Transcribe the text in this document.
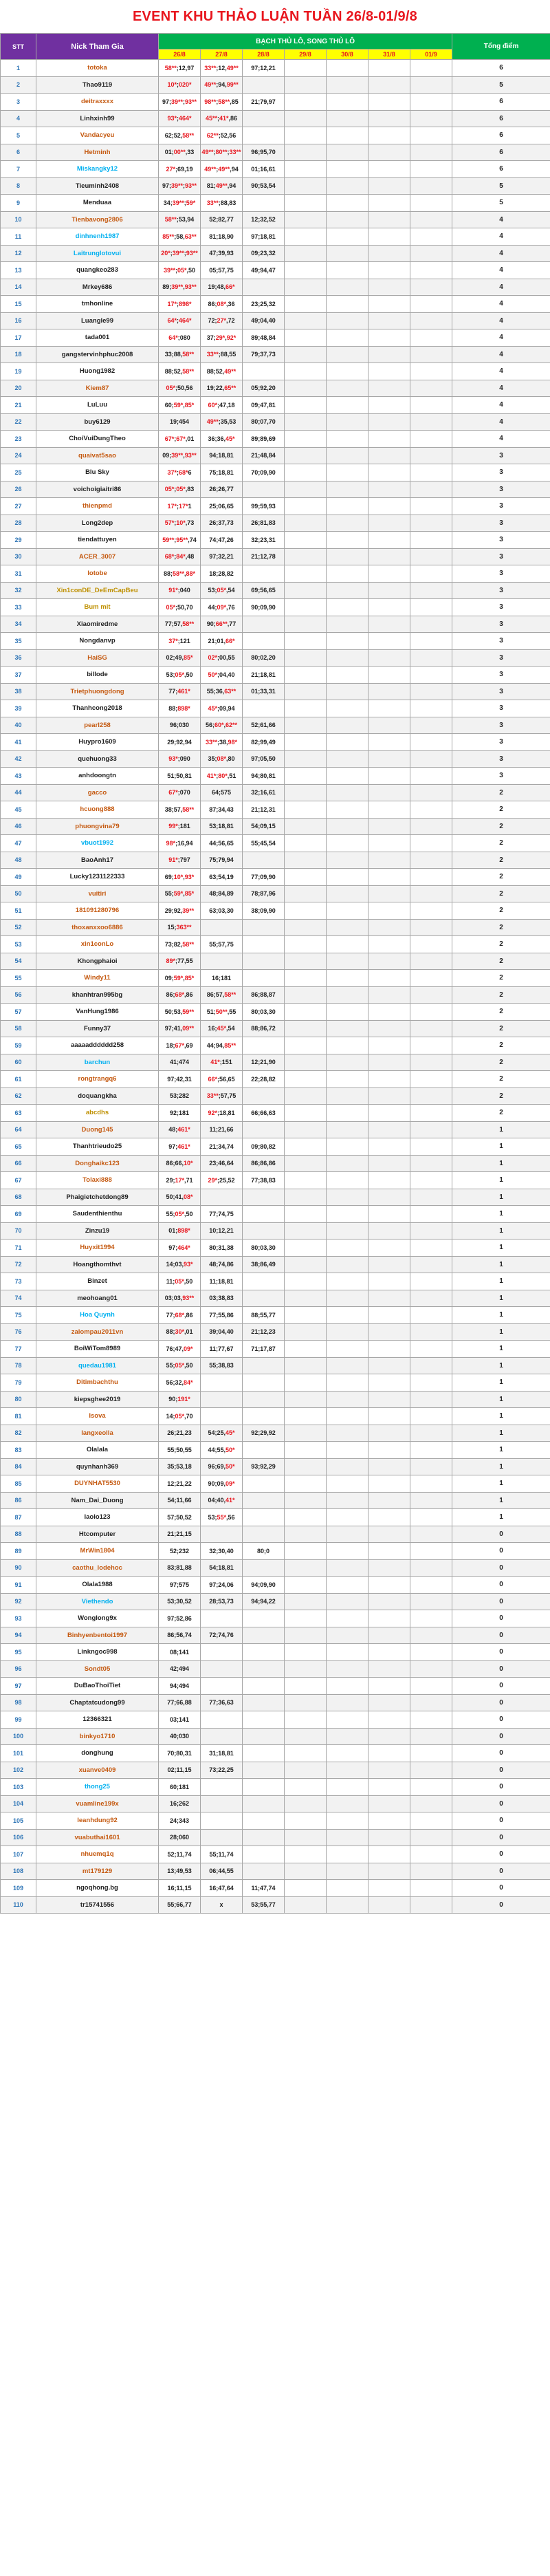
EVENT KHU THẢO LUẬN TUẦN 26/8-01/9/8
STT	Nick Tham Gia	BẠCH THỦ LÔ, SONG THỦ LÔ							Tổng điểm
		26/8	27/8	28/8	29/8	30/8	31/8	01/9	
1	totoka	58**;12,97	33**;12,49**	97;12,21					6
2	Thao9119	10*;020*	49**;94,99**						5
3	deitraxxxx	97;39**;93**	98**;58**,85	21;79,97					6
4	Linhxinh99	93*;464*	45**;41*,86						6
5	Vandacyeu	62;52,58**	62**;52,56						6
6	Hetminh	01;00**,33	49**;80**;33**	96;95,70					6
7	Miskangky12	27*;69,19	49**;49**,94	01;16,61					6
8	Tieuminh2408	97;39**;93**	81;49**,94	90;53,54					5
9	Menduaa	34;39**;59*	33**;88,83						5
10	Tienbavong2806	58**;53,94	52;82,77	12;32,52					4
11	dinhnenh1987	85**;58,63**	81;18,90	97;18,81					4
12	Laitrunglotovui	20*;39**;93**	47;39,93	09;23,32					4
13	quangkeo283	39**;05*,50	05;57,75	49;94,47					4
14	Mrkey686	89;39**,93**	19;48,66*						4
15	tmhonline	17*;898*	86;08*,36	23;25,32					4
16	Luangle99	64*;464*	72;27*,72	49;04,40					4
17	tada001	64*;080	37;29*,92*	89;48,84					4
18	gangstervinhphuc2008	33;88,58**	33**;88,55	79;37,73					4
19	Huong1982	88;52,58**	88;52,49**						4
20	Kiem87	05*;50,56	19;22,65**	05;92,20					4
21	LuLuu	60;59*,85*	60*;47,18	09;47,81					4
22	buy6129	19;454	49**;35,53	80;07,70					4
23	ChoiVuiDungTheo	67*;67*,01	36;36,45*	89;89,69					4
24	quaivat5sao	09;39**,93**	94;18,81	21;48,84					3
25	Blu Sky	37*;68*6	75;18,81	70;09,90					3
26	voichoigiaitri86	05*;05*,83	26;26,77						3
27	thienpmd	17*;17*1	25;06,65	99;59,93					3
28	Long2dep	57*;10*,73	26;37,73	26;81,83					3
29	tiendattuyen	59**;95**,74	74;47,26	32;23,31					3
30	ACER_3007	68*;84*,48	97;32,21	21;12,78					3
31	lotobe	88;58**,88*	18;28,82						3
32	Xin1conDE_DeEmCapBeu	91*;040	53;05*,54	69;56,65					3
33	Bum mit	05*;50,70	44;09*,76	90;09,90					3
34	Xiaomiredme	77;57,58**	90;66**,77						3
35	Nongdanvp	37*;121	21;01,66*						3
36	HaiSG	02;49,85*	02*;00,55	80;02,20					3
37	billode	53;05*,50	50*;04,40	21;18,81					3
38	Trietphuongdong	77;461*	55;36,63**	01;33,31					3
39	Thanhcong2018	88;898*	45*;09,94						3
40	pearl258	96;030	56;60*,62**	52;61,66					3
41	Huypro1609	29;92,94	33**;38,98*	82;99,49					3
42	quehuong33	93*;090	35;08*,80	97;05,50					3
43	anhdoongtn	51;50,81	41*;80*,51	94;80,81					3
44	gacco	67*;070	64;575	32;16,61					2
45	hcuong888	38;57,58**	87;34,43	21;12,31					2
46	phuongvina79	99*;181	53;18,81	54;09,15					2
47	vbuot1992	98*;16,94	44;56,65	55;45,54					2
48	BaoAnh17	91*;797	75;79,94						2
49	Lucky1231122333	69;10*,93*	63;54,19	77;09,90					2
50	vuitiri	55;59*,85*	48;84,89	78;87,96					2
51	181091280796	29;92,39**	63;03,30	38;09,90					2
52	thoxanxxoo6886	15;363**							2
53	xin1conLo	73;82,58**	55;57,75						2
54	Khongphaioi	89*;77,55							2
55	Windy11	09;59*,85*	16;181						2
56	khanhtran995bg	86;68*,86	86;57,58**	86;88,87					2
57	VanHung1986	50;53,59**	51;50**,55	80;03,30					2
58	Funny37	97;41,09**	16;45*,54	88;86,72					2
59	aaaaadddddd258	18;67*,69	44;94,85**						2
60	barchun	41;474	41*;151	12;21,90					2
61	rongtrangq6	97;42,31	66*;56,65	22;28,82					2
62	doquangkha	53;282	33**;57,75						2
63	abcdhs	92;181	92*;18,81	66;66,63					2
64	Duong145	48;461*	11;21,66						1
65	Thanhtrieudo25	97;461*	21;34,74	09;80,82					1
66	Donghaikc123	86;66,10*	23;46,64	86;86,86					1
67	Tolaxi888	29;17*,71	29*;25,52	77;38,83					1
68	Phaigietchetdong89	50;41,08*							1
69	Saudenthienthu	55;05*,50	77;74,75						1
70	Zinzu19	01;898*	10;12,21						1
71	Huyxit1994	97;464*	80;31,38	80;03,30					1
72	Hoangthomthvt	14;03,93*	48;74,86	38;86,49					1
73	Binzet	11;05*,50	11;18,81						1
74	meohoang01	03;03,93**	03;38,83						1
75	Hoa Quynh	77;68*,86	77;55,86	88;55,77					1
76	zalompau2011vn	88;30*,01	39;04,40	21;12,23					1
77	BoiWiTom8989	76;47,09*	11;77,67	71;17,87					1
78	quedau1981	55;05*,50	55;38,83						1
79	Ditimbachthu	56;32,84*							1
80	kiepsghee2019	90;191*							1
81	Isova	14;05*,70							1
82	langxeolla	26;21,23	54;25,45*	92;29,92					1
83	Olalala	55;50,55	44;55,50*						1
84	quynhanh369	35;53,18	96;69,50*	93;92,29					1
85	DUYNHAT5530	12;21,22	90;09,09*						1
86	Nam_Dai_Duong	54;11,66	04;40,41*						1
87	laolo123	57;50,52	53;55*,56						1
88	Htcomputer	21;21,15							0
89	MrWin1804	52;232	32;30,40	80;0					0
90	caothu_lodehoc	83;81,88	54;18,81						0
91	Olala1988	97;575	97;24,06	94;09,90					0
92	Viethendo	53;30,52	28;53,73	94;94,22					0
93	Wonglong9x	97;52,86							0
94	Binhyenbentoi1997	86;56,74	72;74,76						0
95	Linkngoc998	08;141							0
96	Sondt05	42;494							0
97	DuBaoThoiTiet	94;494							0
98	Chaptatcudong99	77;66,88	77;36,63						0
99	12366321	03;141							0
100	binkyo1710	40;030							0
101	donghung	70;80,31	31;18,81						0
102	xuanve0409	02;11,15	73;22,25						0
103	thong25	60;181							0
104	vuamline199x	16;262							0
105	leanhdung92	24;343							0
106	vuabuthai1601	28;060							0
107	nhuemq1q	52;11,74	55;11,74						0
108	mt179129	13;49,53	06;44,55						0
109	ngoqhong.bg	16;11,15	16;47,64	11;47,74					0
110	tr15741556	55;66,77	x	53;55,77					0
